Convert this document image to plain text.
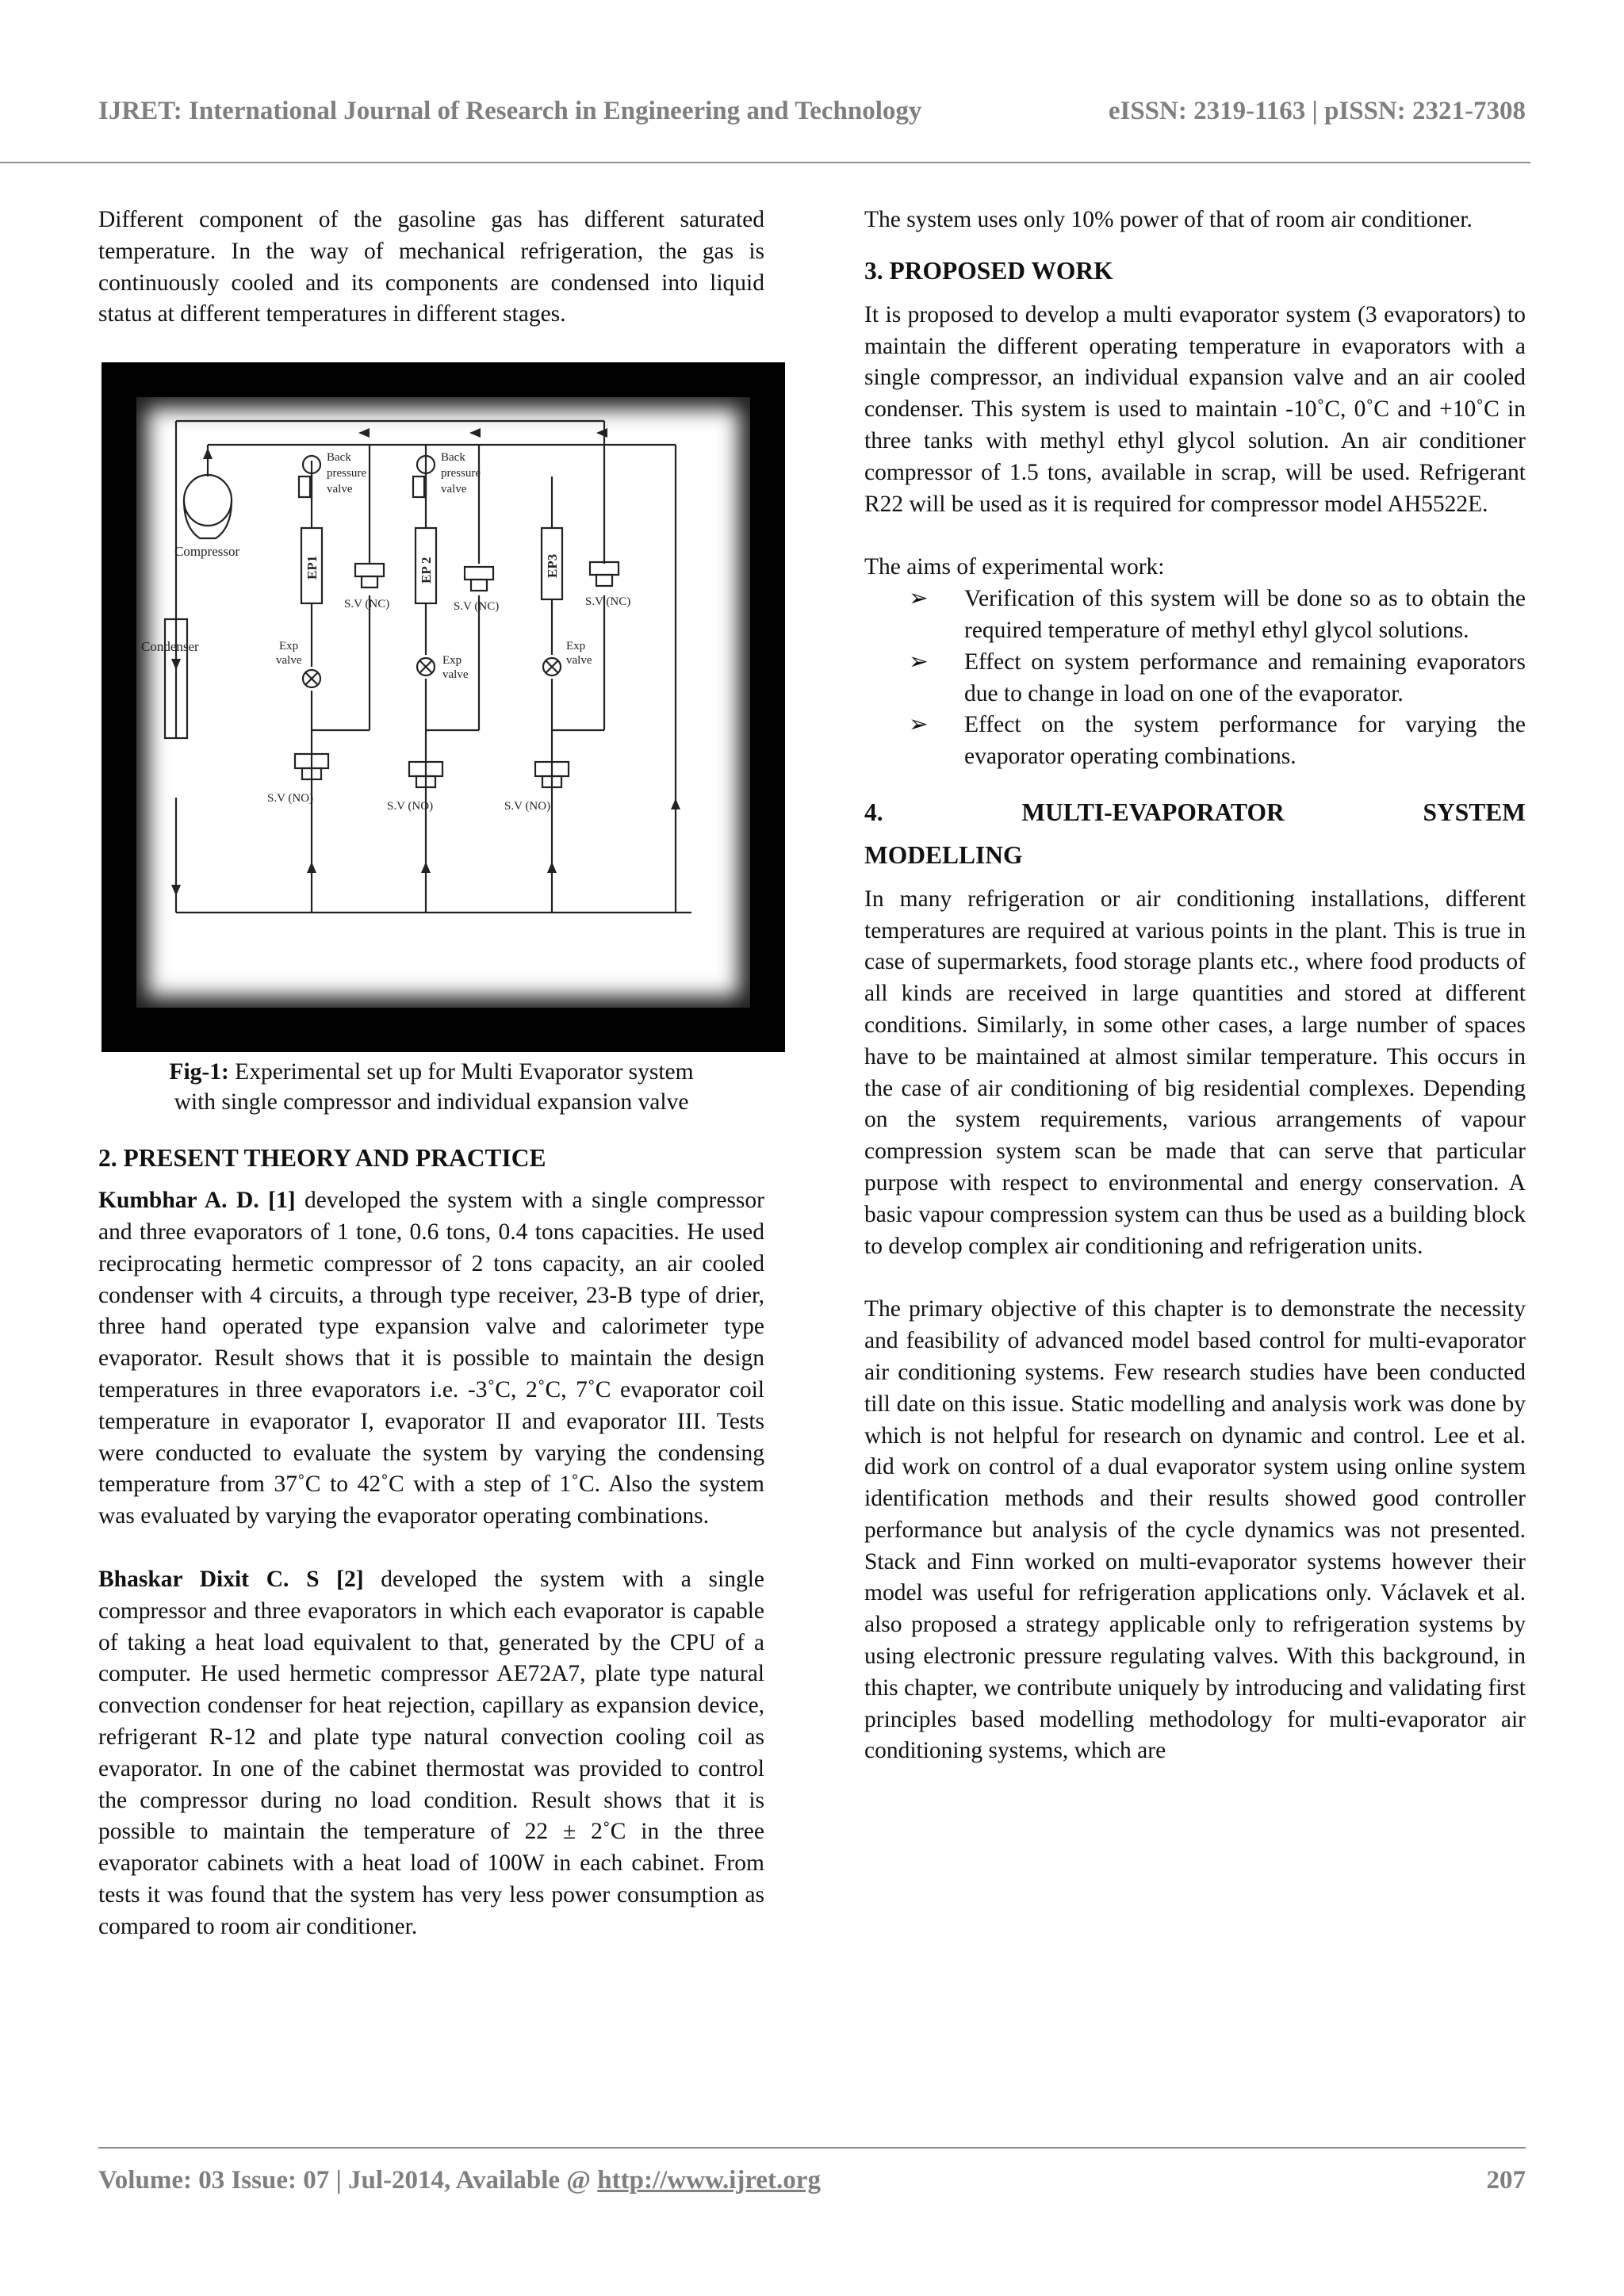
IJRET: International Journal of Research in Engineering and Technology	eISSN: 2319-1163 | pISSN: 2321-7308

Different component of the gasoline gas has different saturated temperature. In the way of mechanical refrigeration, the gas is continuously cooled and its components are condensed into liquid status at different temperatures in different stages.

Compressor
Condenser
Back
pressure
valve
Back
pressure
valve
EP1	EP 2	EP3
S.V (NC)	S.V (NC)	S.V (NC)
Exp
valve	Exp
valve
Exp
valve
S.V (NO)
S.V (NO)	S.V (NO)
Fig-1: Experimental set up for Multi Evaporator system
with single compressor and individual expansion valve
2. PRESENT THEORY AND PRACTICE

Kumbhar A. D. [1] developed the system with a single compressor and three evaporators of 1 tone, 0.6 tons, 0.4 tons capacities. He used reciprocating hermetic compressor of 2 tons capacity, an air cooled condenser with 4 circuits, a through type receiver, 23-B type of drier, three hand operated type expansion valve and calorimeter type evaporator. Result shows that it is possible to maintain the design temperatures in three evaporators i.e. -3˚C, 2˚C, 7˚C evaporator coil temperature in evaporator I, evaporator II and evaporator III. Tests were conducted to evaluate the system by varying the condensing temperature from 37˚C to 42˚C with a step of 1˚C. Also the system was evaluated by varying the evaporator operating combinations.

Bhaskar Dixit C. S [2] developed the system with a single compressor and three evaporators in which each evaporator is capable of taking a heat load equivalent to that, generated by the CPU of a computer. He used hermetic compressor AE72A7, plate type natural convection condenser for heat rejection, capillary as expansion device, refrigerant R-12 and plate type natural convection cooling coil as evaporator. In one of the cabinet thermostat was provided to control the compressor during no load condition. Result shows that it is possible to maintain the temperature of 22 ± 2˚C in the three evaporator cabinets with a heat load of 100W in each cabinet. From tests it was found that the system has very less power consumption as compared to room air conditioner.

The system uses only 10% power of that of room air conditioner.

3. PROPOSED WORK

It is proposed to develop a multi evaporator system (3 evaporators) to maintain the different operating temperature in evaporators with a single compressor, an individual expansion valve and an air cooled condenser. This system is used to maintain -10˚C, 0˚C and +10˚C in three tanks with methyl ethyl glycol solution. An air conditioner compressor of 1.5 tons, available in scrap, will be used. Refrigerant R22 will be used as it is required for compressor model AH5522E.

The aims of experimental work:

➢ Verification of this system will be done so as to obtain the required temperature of methyl ethyl glycol solutions.
➢ Effect on system performance and remaining evaporators due to change in load on one of the evaporator.
➢ Effect on the system performance for varying the evaporator operating combinations.
4.	MULTI-EVAPORATOR	SYSTEM
MODELLING

In many refrigeration or air conditioning installations, different temperatures are required at various points in the plant. This is true in case of supermarkets, food storage plants etc., where food products of all kinds are received in large quantities and stored at different conditions. Similarly, in some other cases, a large number of spaces have to be maintained at almost similar temperature. This occurs in the case of air conditioning of big residential complexes. Depending on the system requirements, various arrangements of vapour compression system scan be made that can serve that particular purpose with respect to environmental and energy conservation. A basic vapour compression system can thus be used as a building block to develop complex air conditioning and refrigeration units.

The primary objective of this chapter is to demonstrate the necessity and feasibility of advanced model based control for multi-evaporator air conditioning systems. Few research studies have been conducted till date on this issue. Static modelling and analysis work was done by which is not helpful for research on dynamic and control. Lee et al. did work on control of a dual evaporator system using online system identification methods and their results showed good controller performance but analysis of the cycle dynamics was not presented. Stack and Finn worked on multi-evaporator systems however their model was useful for refrigeration applications only. Václavek et al. also proposed a strategy applicable only to refrigeration systems by using electronic pressure regulating valves. With this background, in this chapter, we contribute uniquely by introducing and validating first principles based modelling methodology for multi-evaporator air conditioning systems, which are

Volume: 03 Issue: 07 | Jul-2014, Available @ http://www.ijret.org	207
